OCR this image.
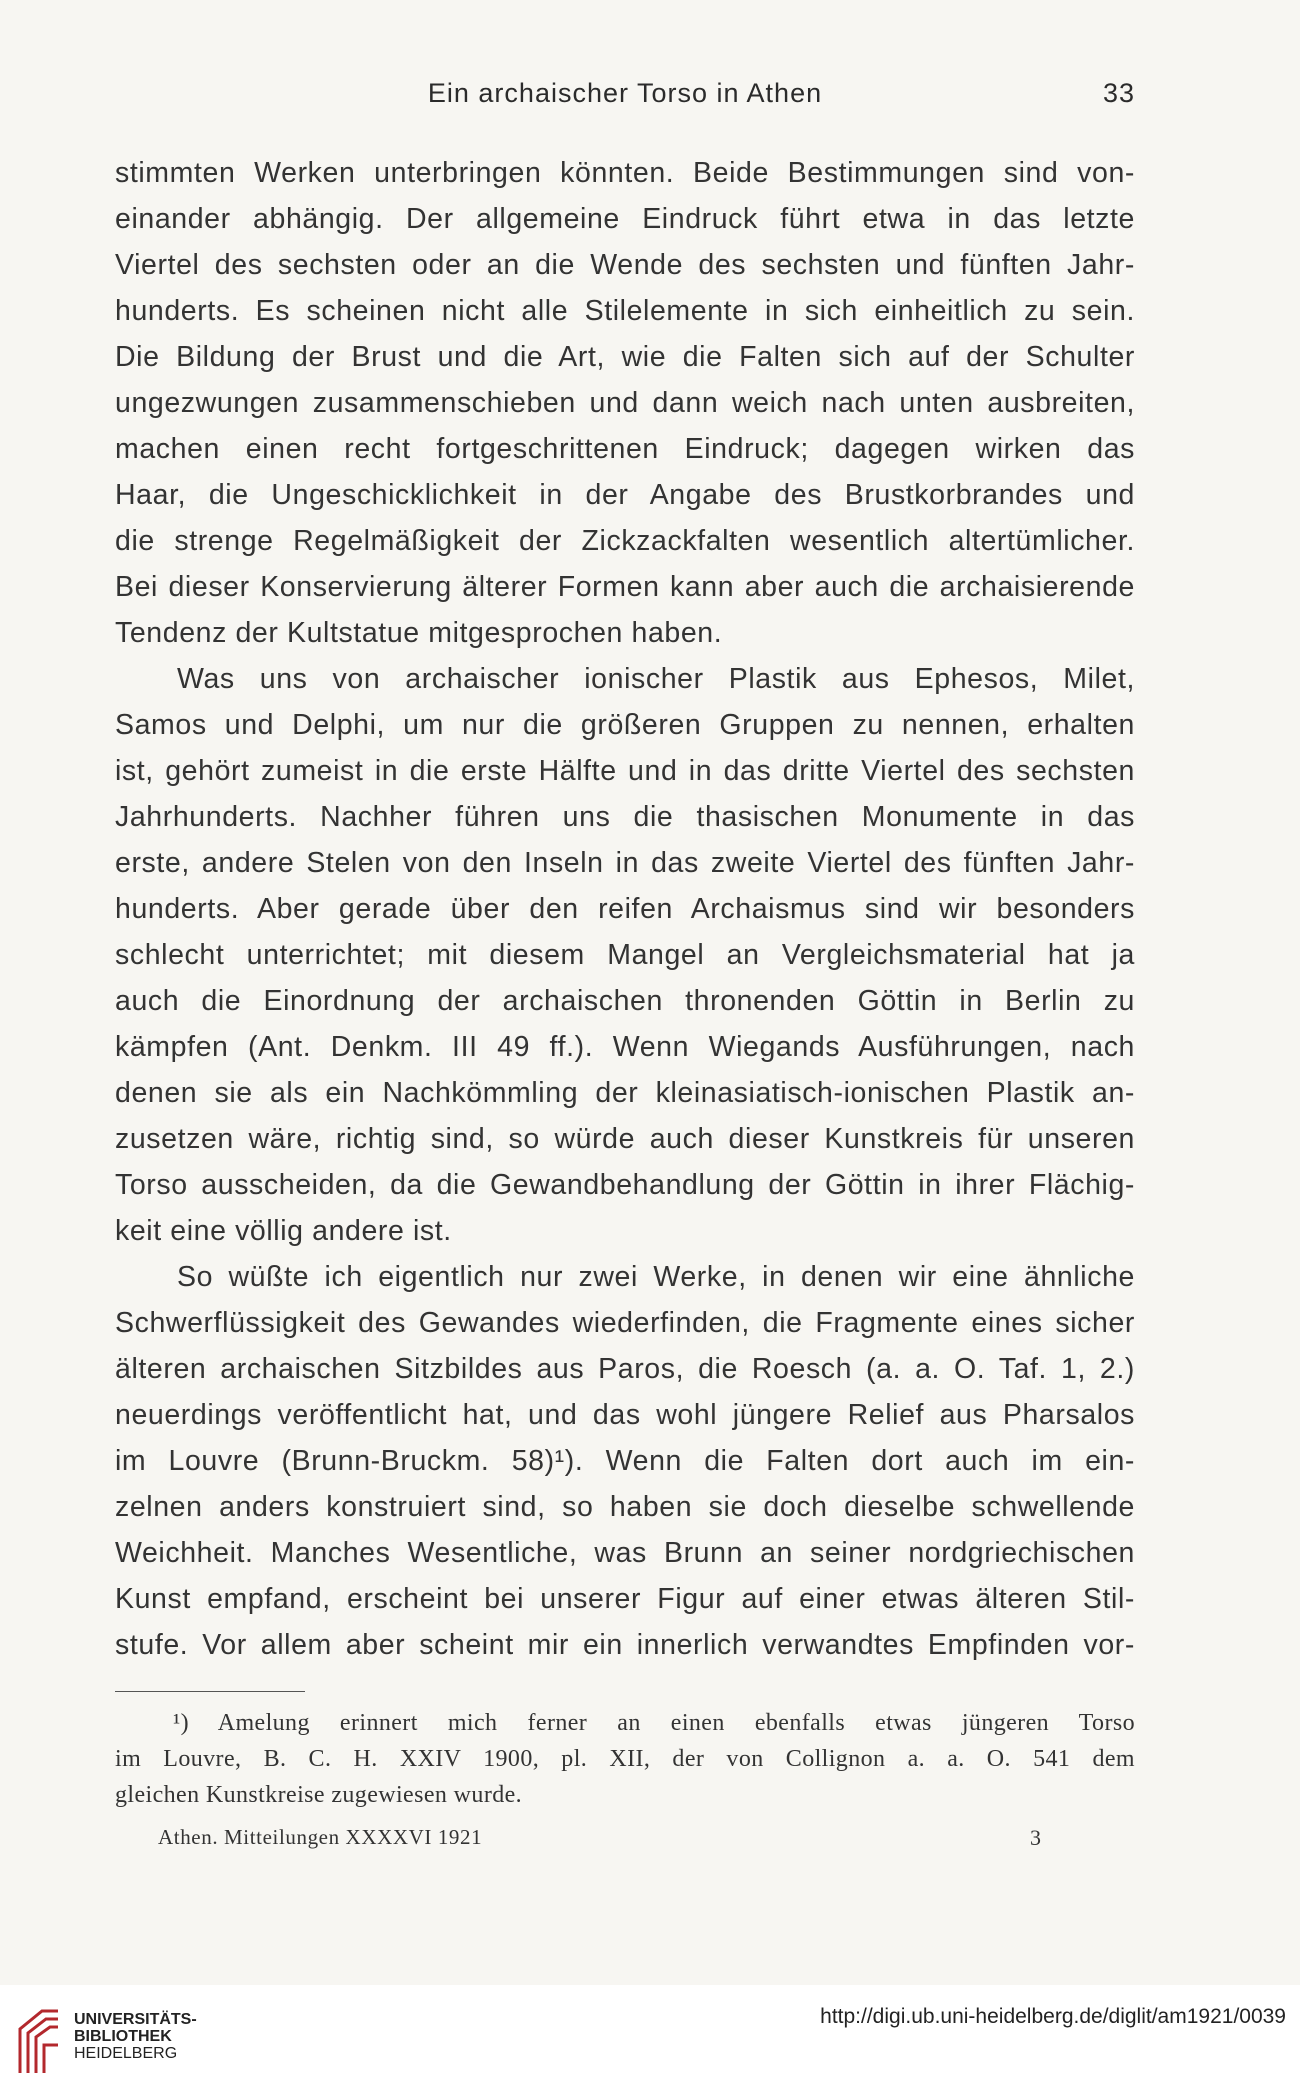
Ein archaischer Torso in Athen	33
stimmten Werken unterbringen könnten. Beide Bestimmungen sind von-
einander abhängig. Der allgemeine Eindruck führt etwa in das letzte
Viertel des sechsten oder an die Wende des sechsten und fünften Jahr-
hunderts. Es scheinen nicht alle Stilelemente in sich einheitlich zu sein.
Die Bildung der Brust und die Art, wie die Falten sich auf der Schulter
ungezwungen zusammenschieben und dann weich nach unten ausbreiten,
machen einen recht fortgeschrittenen Eindruck; dagegen wirken das
Haar, die Ungeschicklichkeit in der Angabe des Brustkorbrandes und
die strenge Regelmäßigkeit der Zickzackfalten wesentlich altertümlicher.
Bei dieser Konservierung älterer Formen kann aber auch die archaisierende
Tendenz der Kultstatue mitgesprochen haben.
Was uns von archaischer ionischer Plastik aus Ephesos, Milet,
Samos und Delphi, um nur die größeren Gruppen zu nennen, erhalten
ist, gehört zumeist in die erste Hälfte und in das dritte Viertel des sechsten
Jahrhunderts. Nachher führen uns die thasischen Monumente in das
erste, andere Stelen von den Inseln in das zweite Viertel des fünften Jahr-
hunderts. Aber gerade über den reifen Archaismus sind wir besonders
schlecht unterrichtet; mit diesem Mangel an Vergleichsmaterial hat ja
auch die Einordnung der archaischen thronenden Göttin in Berlin zu
kämpfen (Ant. Denkm. III 49 ff.). Wenn Wiegands Ausführungen, nach
denen sie als ein Nachkömmling der kleinasiatisch-ionischen Plastik an-
zusetzen wäre, richtig sind, so würde auch dieser Kunstkreis für unseren
Torso ausscheiden, da die Gewandbehandlung der Göttin in ihrer Flächig-
keit eine völlig andere ist.
So wüßte ich eigentlich nur zwei Werke, in denen wir eine ähnliche
Schwerflüssigkeit des Gewandes wiederfinden, die Fragmente eines sicher
älteren archaischen Sitzbildes aus Paros, die Roesch (a. a. O. Taf. 1, 2.)
neuerdings veröffentlicht hat, und das wohl jüngere Relief aus Pharsalos
im Louvre (Brunn-Bruckm. 58)¹). Wenn die Falten dort auch im ein-
zelnen anders konstruiert sind, so haben sie doch dieselbe schwellende
Weichheit. Manches Wesentliche, was Brunn an seiner nordgriechischen
Kunst empfand, erscheint bei unserer Figur auf einer etwas älteren Stil-
stufe. Vor allem aber scheint mir ein innerlich verwandtes Empfinden vor-
¹) Amelung erinnert mich ferner an einen ebenfalls etwas jüngeren Torso
im Louvre, B. C. H. XXIV 1900, pl. XII, der von Collignon a. a. O. 541 dem
gleichen Kunstkreise zugewiesen wurde.
Athen. Mitteilungen XXXXVI 1921	3
UNIVERSITÄTS-
BIBLIOTHEK
HEIDELBERG
http://digi.ub.uni-heidelberg.de/diglit/am1921/0039
